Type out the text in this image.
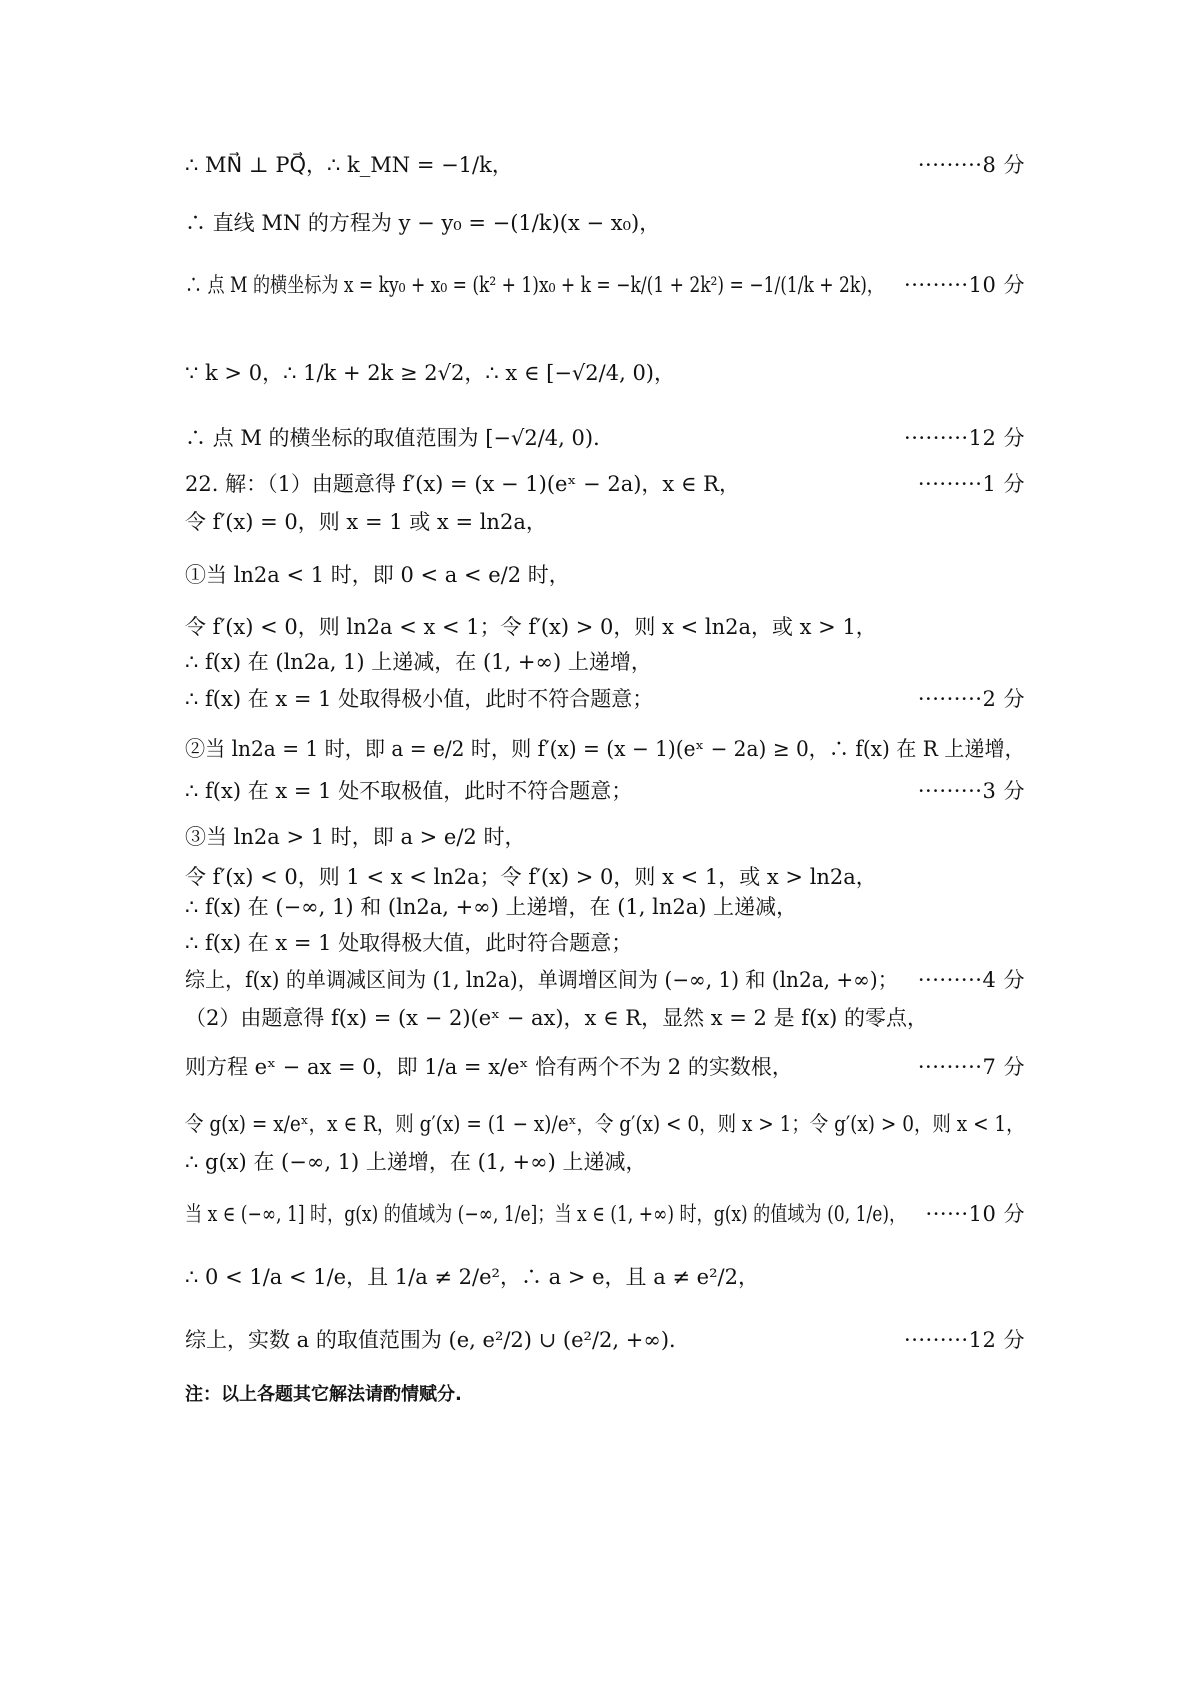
∴ MN⃗ ⊥ PQ⃗，∴ k_MN = −1/k，	·········8 分
∴ 直线 MN 的方程为 y − y₀ = −(1/k)(x − x₀)，
∴ 点 M 的横坐标为 x = ky₀ + x₀ = (k² + 1)x₀ + k = −k/(1 + 2k²) = −1/(1/k + 2k)， ·········10 分
∵ k > 0，∴ 1/k + 2k ≥ 2√2，∴ x ∈ [−√2/4, 0)，
∴ 点 M 的横坐标的取值范围为 [−√2/4, 0)．	·········12 分
22. 解：（1）由题意得 f′(x) = (x − 1)(eˣ − 2a)，x ∈ R，	·········1 分
令 f′(x) = 0，则 x = 1 或 x = ln2a，
①当 ln2a < 1 时，即 0 < a < e/2 时，
令 f′(x) < 0，则 ln2a < x < 1；令 f′(x) > 0，则 x < ln2a，或 x > 1，
∴ f(x) 在 (ln2a, 1) 上递减，在 (1, +∞) 上递增，
∴ f(x) 在 x = 1 处取得极小值，此时不符合题意；	·········2 分
②当 ln2a = 1 时，即 a = e/2 时，则 f′(x) = (x − 1)(eˣ − 2a) ≥ 0，∴ f(x) 在 R 上递增，
∴ f(x) 在 x = 1 处不取极值，此时不符合题意；	·········3 分
③当 ln2a > 1 时，即 a > e/2 时，
令 f′(x) < 0，则 1 < x < ln2a；令 f′(x) > 0，则 x < 1，或 x > ln2a，
∴ f(x) 在 (−∞, 1) 和 (ln2a, +∞) 上递增，在 (1, ln2a) 上递减，
∴ f(x) 在 x = 1 处取得极大值，此时符合题意；
综上，f(x) 的单调减区间为 (1, ln2a)，单调增区间为 (−∞, 1) 和 (ln2a, +∞)； ·········4 分
（2）由题意得 f(x) = (x − 2)(eˣ − ax)，x ∈ R，显然 x = 2 是 f(x) 的零点，
则方程 eˣ − ax = 0，即 1/a = x/eˣ 恰有两个不为 2 的实数根，	·········7 分
令 g(x) = x/eˣ，x ∈ R，则 g′(x) = (1 − x)/eˣ，令 g′(x) < 0，则 x > 1；令 g′(x) > 0，则 x < 1，
∴ g(x) 在 (−∞, 1) 上递增，在 (1, +∞) 上递减，
当 x ∈ (−∞, 1] 时，g(x) 的值域为 (−∞, 1/e]；当 x ∈ (1, +∞) 时，g(x) 的值域为 (0, 1/e)， ······10 分
∴ 0 < 1/a < 1/e，且 1/a ≠ 2/e²，∴ a > e，且 a ≠ e²/2，
综上，实数 a 的取值范围为 (e, e²/2) ∪ (e²/2, +∞)．	·········12 分
注：以上各题其它解法请酌情赋分.
